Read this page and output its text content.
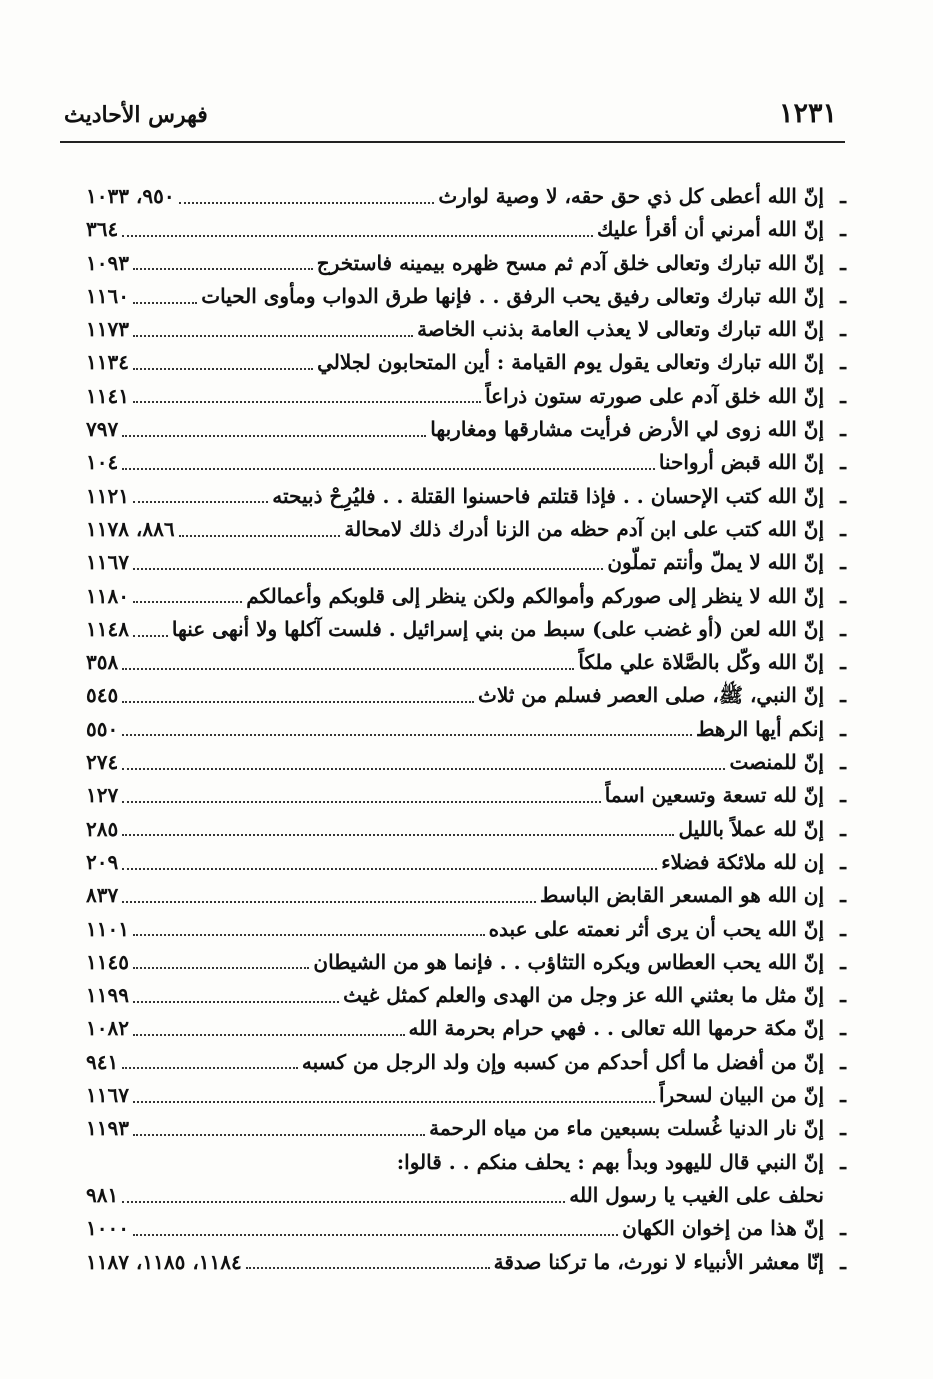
١٢٣١
فهرس الأحاديث
ـ
إنّ الله أعطى كل ذي حق حقه، لا وصية لوارث
٩٥٠، ١٠٣٣
ـ
إنّ الله أمرني أن أقرأ عليك
٣٦٤
ـ
إنّ الله تبارك وتعالى خلق آدم ثم مسح ظهره بيمينه فاستخرج
١٠٩٣
ـ
إنّ الله تبارك وتعالى رفيق يحب الرفق . . فإنها طرق الدواب ومأوى الحيات
١١٦٠
ـ
إنّ الله تبارك وتعالى لا يعذب العامة بذنب الخاصة
١١٧٣
ـ
إنّ الله تبارك وتعالى يقول يوم القيامة : أين المتحابون لجلالي
١١٣٤
ـ
إنّ الله خلق آدم على صورته ستون ذراعاً
١١٤١
ـ
إنّ الله زوى لي الأرض فرأيت مشارقها ومغاربها
٧٩٧
ـ
إنّ الله قبض أرواحنا
١٠٤
ـ
إنّ الله كتب الإحسان . . فإذا قتلتم فاحسنوا القتلة . . فليُرِحْ ذبيحته
١١٢١
ـ
إنّ الله كتب على ابن آدم حظه من الزنا أدرك ذلك لامحالة
٨٨٦، ١١٧٨
ـ
إنّ الله لا يملّ وأنتم تملّون
١١٦٧
ـ
إنّ الله لا ينظر إلى صوركم وأموالكم ولكن ينظر إلى قلوبكم وأعمالكم
١١٨٠
ـ
إنّ الله لعن (أو غضب على) سبط من بني إسرائيل . فلست آكلها ولا أنهى عنها
١١٤٨
ـ
إنّ الله وكّل بالصَّلاة علي ملكاً
٣٥٨
ـ
إنّ النبي، ﷺ، صلى العصر فسلم من ثلاث
٥٤٥
ـ
إنكم أيها الرهط
٥٥٠
ـ
إنّ للمنصت
٢٧٤
ـ
إنّ لله تسعة وتسعين اسماً
١٢٧
ـ
إنّ لله عملاً بالليل
٢٨٥
ـ
إن لله ملائكة فضلاء
٢٠٩
ـ
إن الله هو المسعر القابض الباسط
٨٣٧
ـ
إنّ الله يحب أن يرى أثر نعمته على عبده
١١٠١
ـ
إنّ الله يحب العطاس ويكره التثاؤب . . فإنما هو من الشيطان
١١٤٥
ـ
إنّ مثل ما بعثني الله عز وجل من الهدى والعلم كمثل غيث
١١٩٩
ـ
إنّ مكة حرمها الله تعالى . . فهي حرام بحرمة الله
١٠٨٢
ـ
إنّ من أفضل ما أكل أحدكم من كسبه وإن ولد الرجل من كسبه
٩٤١
ـ
إنّ من البيان لسحراً
١١٦٧
ـ
إنّ نار الدنيا غُسلت بسبعين ماء من مياه الرحمة
١١٩٣
ـ
إنّ النبي قال لليهود وبدأ بهم : يحلف منكم . . قالوا:
نحلف على الغيب يا رسول الله
٩٨١
ـ
إنّ هذا من إخوان الكهان
١٠٠٠
ـ
إنّا معشر الأنبياء لا نورث، ما تركنا صدقة
١١٨٤، ١١٨٥، ١١٨٧
